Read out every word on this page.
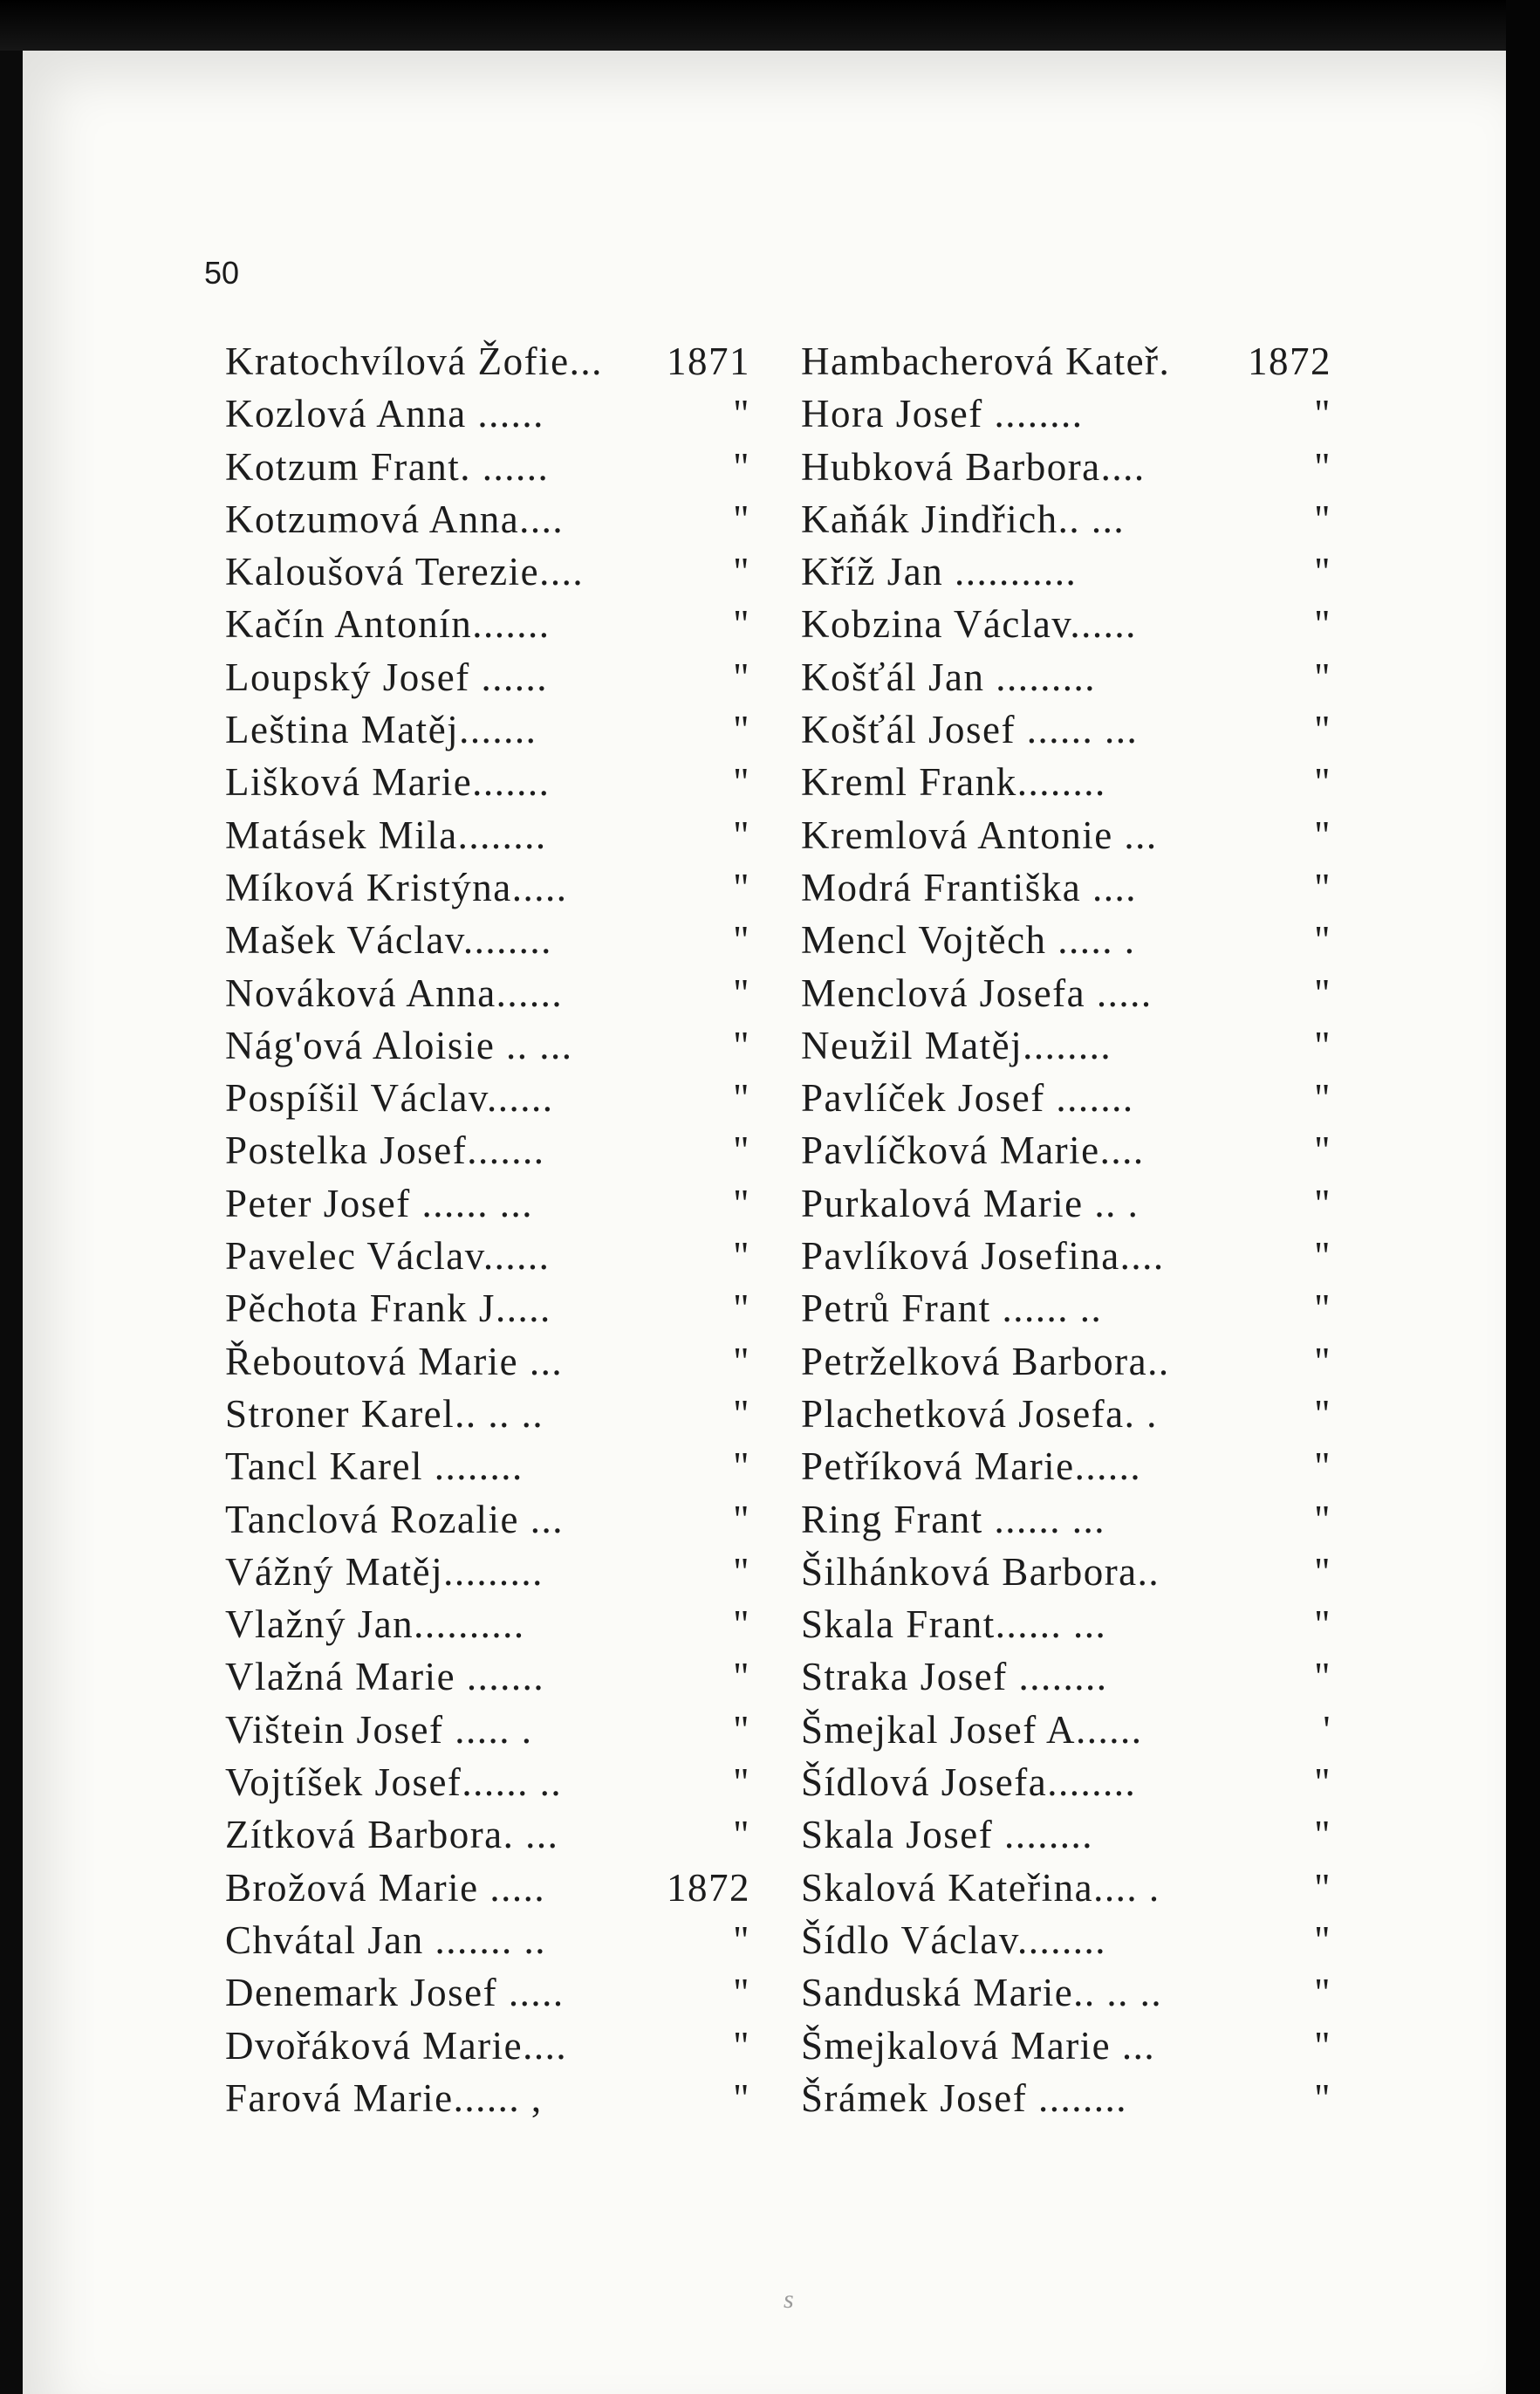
50
Kratochvílová Žofie... 1871
Kozlová Anna ......	"
Kotzum Frant. ......	"
Kotzumová Anna....	"
Kaloušová Terezie....	"
Kačín Antonín.......	"
Loupský Josef ......	"
Leština Matěj.......	"
Lišková Marie.......	"
Matásek Mila........	"
Míková Kristýna.....	"
Mašek Václav........	"
Nováková Anna......	"
Nág'ová Aloisie .. ...	"
Pospíšil Václav......	"
Postelka Josef.......	"
Peter Josef ...... ...	"
Pavelec Václav......	"
Pěchota Frank J.....	"
Řeboutová Marie ...	"
Stroner Karel.. .. ..	"
Tancl Karel ........	"
Tanclová Rozalie ...	"
Vážný Matěj.........	"
Vlažný Jan..........	"
Vlažná Marie .......	"
Vištein Josef ..... .	"
Vojtíšek Josef...... ..	"
Zítková Barbora. ...	"
Brožová Marie .....	1872
Chvátal Jan ....... ..	"
Denemark Josef .....	"
Dvořáková Marie....	"
Farová Marie...... ,	"
Hambacherová Kateř. 1872
Hora Josef ........	"
Hubková Barbora....	"
Kaňák Jindřich.. ...	"
Kříž Jan ...........	"
Kobzina Václav......	"
Košťál Jan .........	"
Košťál Josef ...... ...	"
Kreml Frank........	"
Kremlová Antonie ...	"
Modrá Františka ....	"
Mencl Vojtěch ..... .	"
Menclová Josefa .....	"
Neužil Matěj........	"
Pavlíček Josef .......	"
Pavlíčková Marie....	"
Purkalová Marie .. .	"
Pavlíková Josefina....	"
Petrů Frant ...... ..	"
Petrželková Barbora..	"
Plachetková Josefa. .	"
Petříková Marie......	"
Ring Frant ...... ...	"
Šilhánková Barbora..	"
Skala Frant...... ...	"
Straka Josef ........	"
Šmejkal Josef A......	'
Šídlová Josefa........	"
Skala Josef ........	"
Skalová Kateřina.... .	"
Šídlo Václav........	"
Sanduská Marie.. .. ..	"
Šmejkalová Marie ...	"
Šrámek Josef ........	"
s
